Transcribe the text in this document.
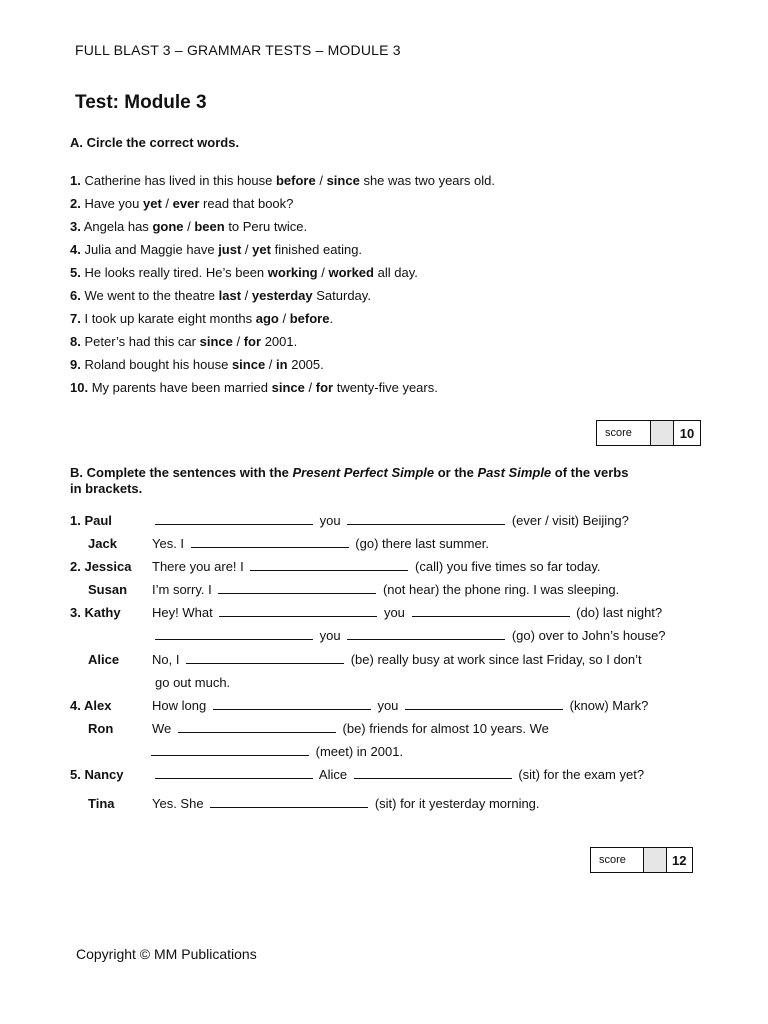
FULL BLAST 3 – GRAMMAR TESTS – MODULE 3
Test: Module 3
A. Circle the correct words.
1. Catherine has lived in this house before / since she was two years old.
2. Have you yet / ever read that book?
3. Angela has gone / been to Peru twice.
4. Julia and Maggie have just / yet finished eating.
5. He looks really tired. He’s been working / worked all day.
6. We went to the theatre last / yesterday Saturday.
7. I took up karate eight months ago / before.
8. Peter’s had this car since / for 2001.
9. Roland bought his house since / in 2005.
10. My parents have been married since / for twenty-five years.
score	10
B. Complete the sentences with the Present Perfect Simple or the Past Simple of the verbs
in brackets.
1. Paul	you	(ever / visit) Beijing?
Jack	Yes. I	(go) there last summer.
2. Jessica There you are! I	(call) you five times so far today.
Susan I’m sorry. I	(not hear) the phone ring. I was sleeping.
3. Kathy Hey! What	you	(do) last night?
you	(go) over to John’s house?
Alice	No, I	(be) really busy at work since last Friday, so I don’t
go out much.
4. Alex	How long	you	(know) Mark?
Ron	We	(be) friends for almost 10 years. We
(meet) in 2001.
5. Nancy	Alice	(sit) for the exam yet?
Tina	Yes. She	(sit) for it yesterday morning.
score	12
Copyright © MM Publications
